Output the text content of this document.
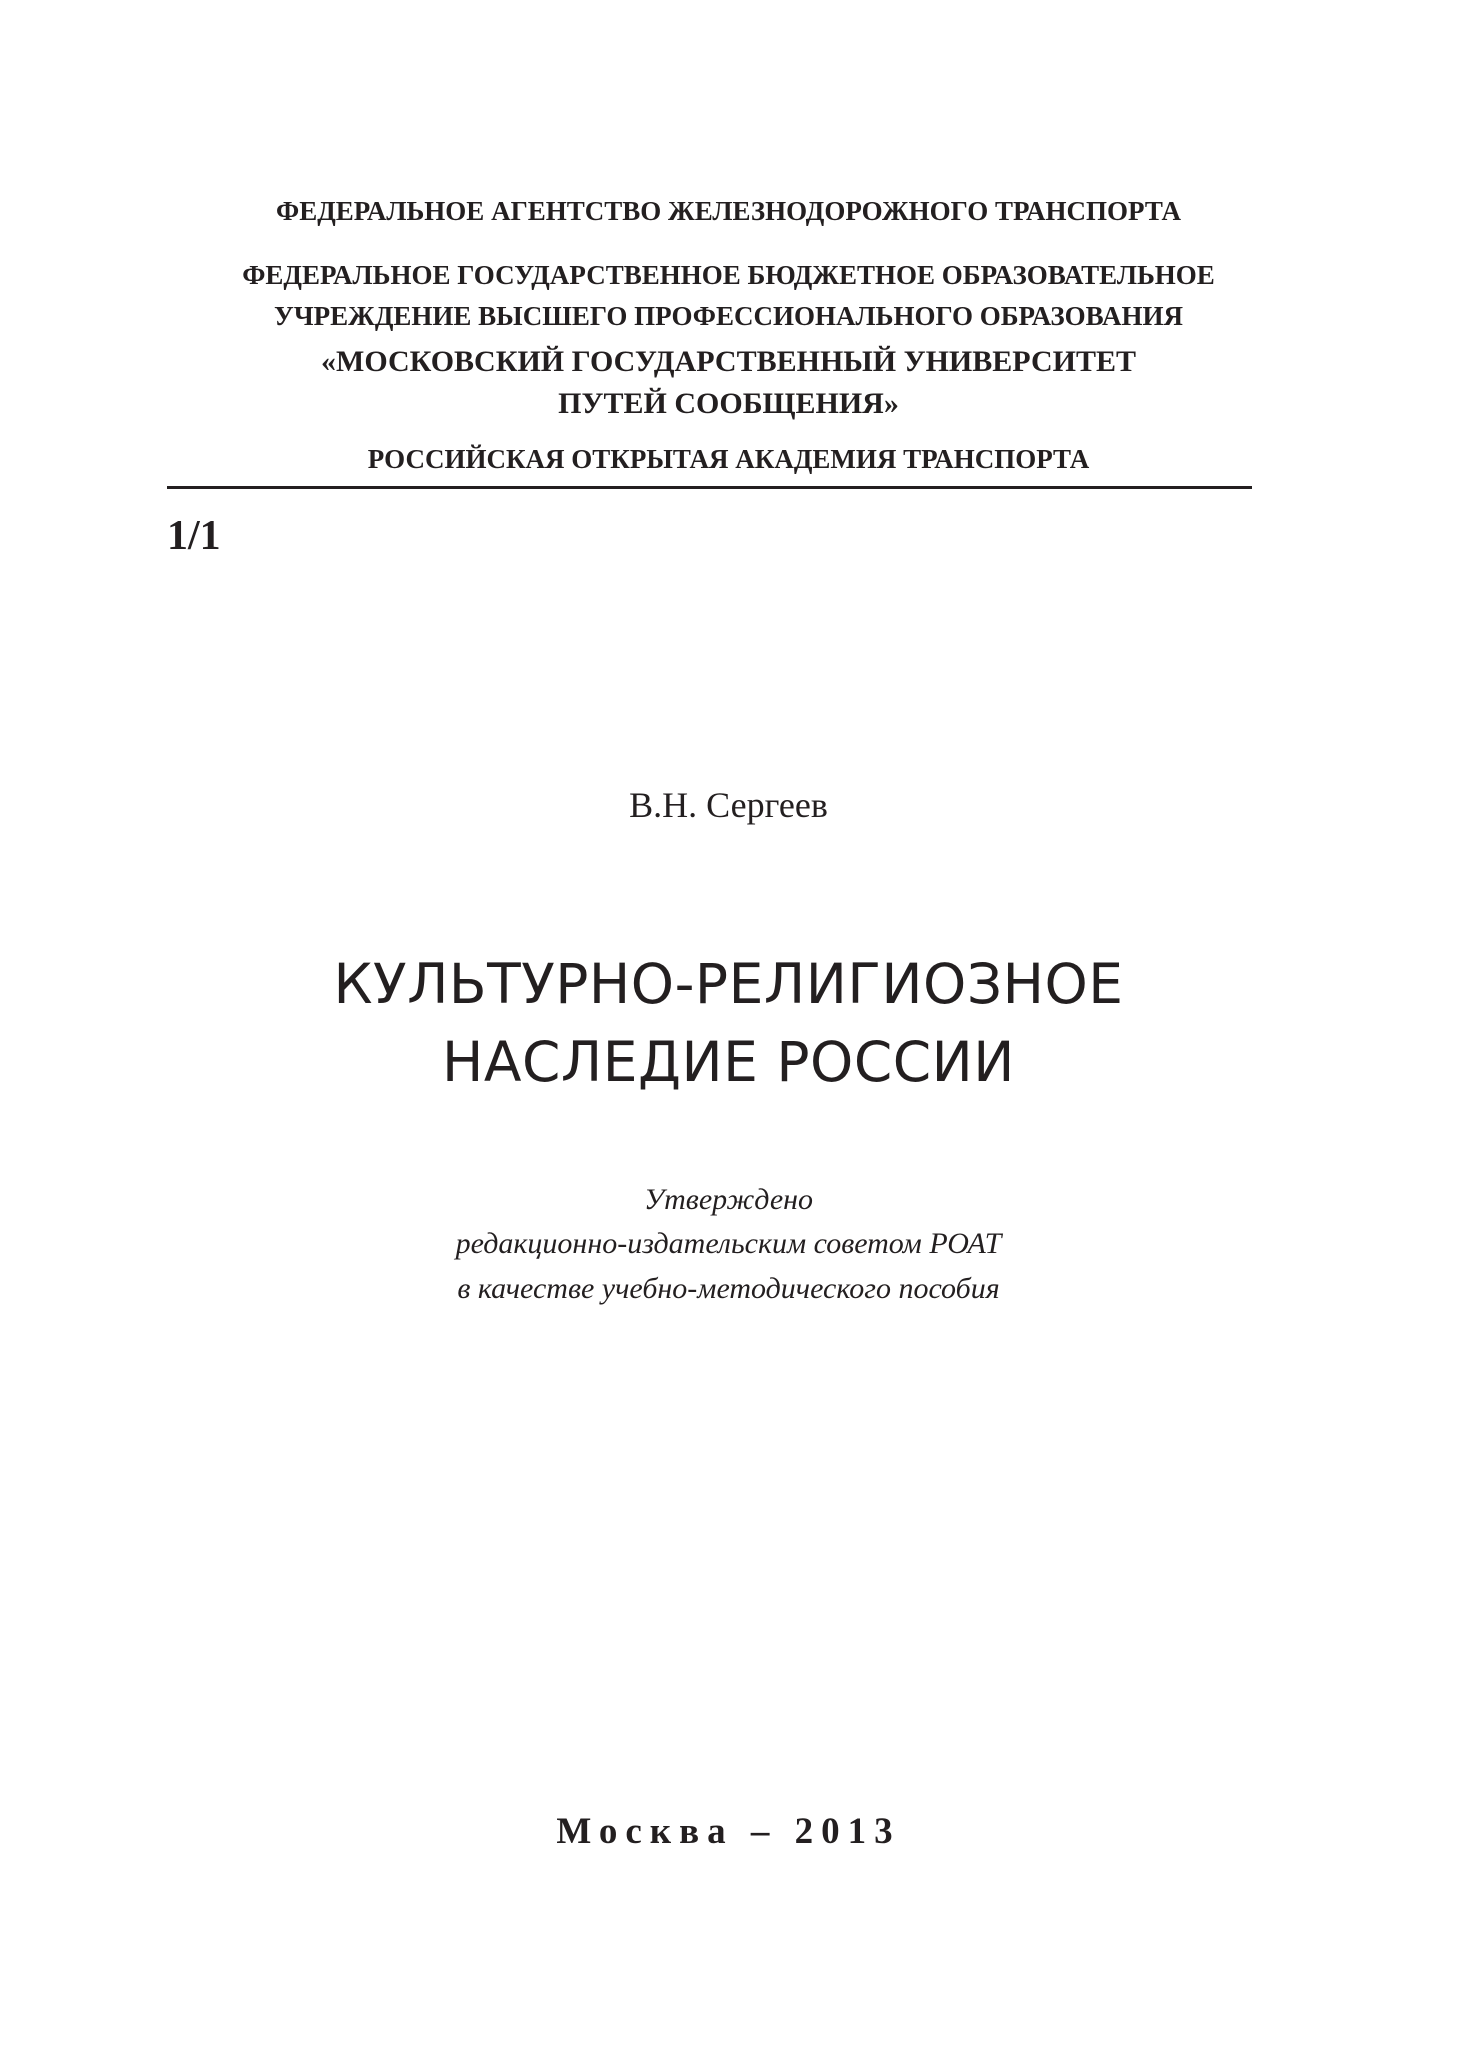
ФЕДЕРАЛЬНОЕ АГЕНТСТВО ЖЕЛЕЗНОДОРОЖНОГО ТРАНСПОРТА
ФЕДЕРАЛЬНОЕ ГОСУДАРСТВЕННОЕ БЮДЖЕТНОЕ ОБРАЗОВАТЕЛЬНОЕ
УЧРЕЖДЕНИЕ ВЫСШЕГО ПРОФЕССИОНАЛЬНОГО ОБРАЗОВАНИЯ
«МОСКОВСКИЙ ГОСУДАРСТВЕННЫЙ УНИВЕРСИТЕТ
ПУТЕЙ СООБЩЕНИЯ»
РОССИЙСКАЯ ОТКРЫТАЯ АКАДЕМИЯ ТРАНСПОРТА
1/1
В.Н. Сергеев
КУЛЬТУРНО-РЕЛИГИОЗНОЕ
НАСЛЕДИЕ РОССИИ
Утверждено
редакционно-издательским советом РОАТ
в качестве учебно-методического пособия
Москва – 2013
